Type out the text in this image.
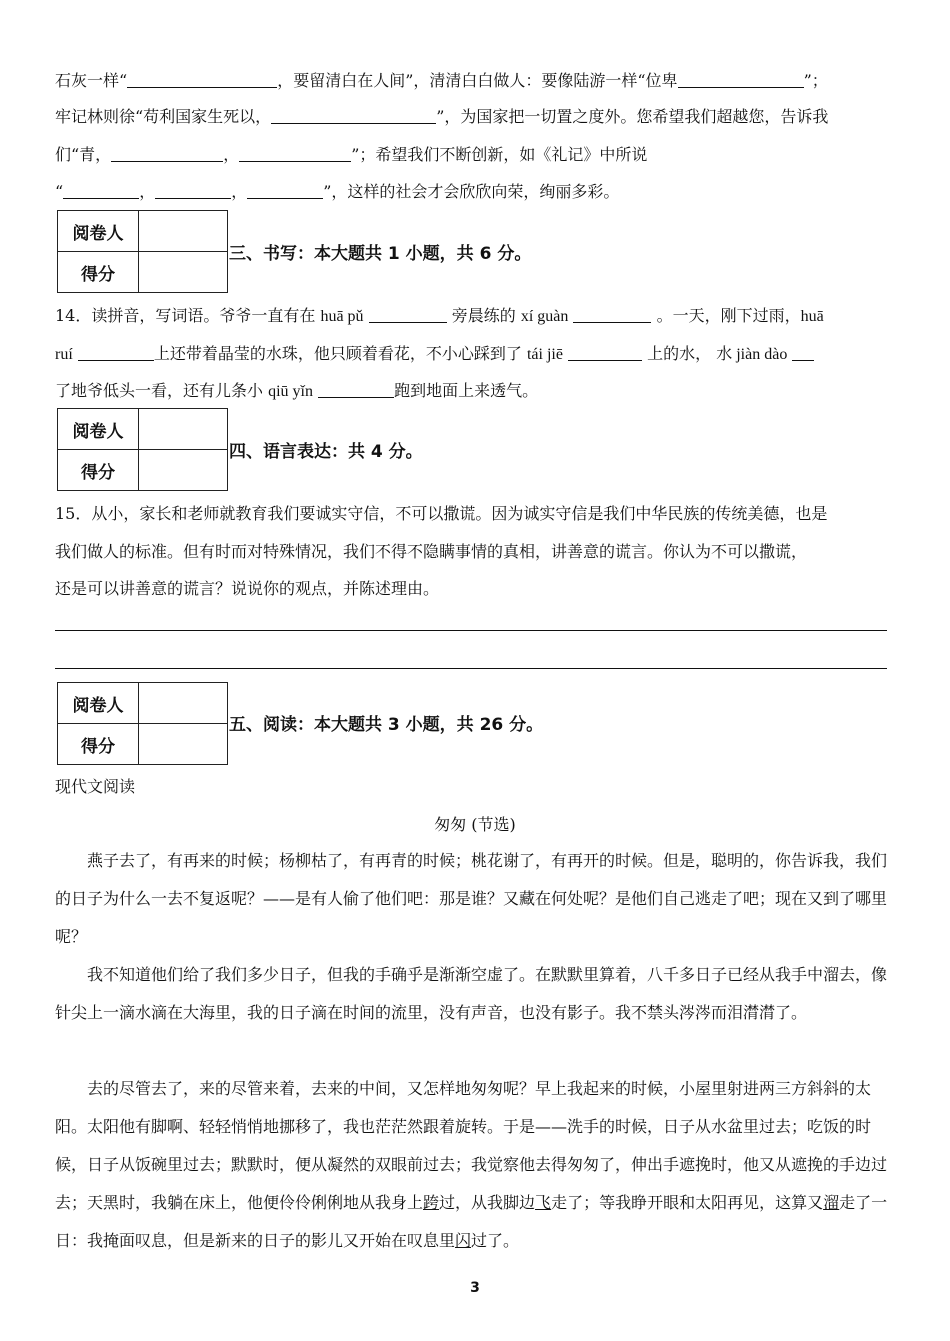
石灰一样“	，要留清白在人间”，清清白白做人：要像陆游一样“位卑	”；
牢记林则徐“苟利国家生死以，	”，为国家把一切置之度外。您希望我们超越您，告诉我
们“青，	，	”；希望我们不断创新，如《礼记》中所说
“	，	，	”，这样的社会才会欣欣向荣，绚丽多彩。
阅卷人	
得分	
三、书写：本大题共 1 小题，共 6 分。
14．读拼音，写词语。爷爷一直有在 huā pǔ	旁晨练的 xí guàn	。一天，刚下过雨，huā
ruí	上还带着晶莹的水珠，他只顾着看花，不小心踩到了 tái jiē	上的水， 水 jiàn dào
了地爷低头一看，还有儿条小 qiū yǐn	跑到地面上来透气。
阅卷人	
得分	
四、语言表达：共 4 分。
15．从小，家长和老师就教育我们要诚实守信，不可以撒谎。因为诚实守信是我们中华民族的传统美德，也是
我们做人的标准。但有时而对特殊情况，我们不得不隐瞒事情的真相，讲善意的谎言。你认为不可以撒谎，
还是可以讲善意的谎言？说说你的观点，并陈述理由。
阅卷人	
得分	
五、阅读：本大题共 3 小题，共 26 分。
现代文阅读
匆匆 (节选)
燕子去了，有再来的时候；杨柳枯了，有再青的时候；桃花谢了，有再开的时候。但是，聪明的，你告诉我，我们的日子为什么一去不复返呢？——是有人偷了他们吧：那是谁？又藏在何处呢？是他们自己逃走了吧；现在又到了哪里呢？
我不知道他们给了我们多少日子，但我的手确乎是渐渐空虚了。在默默里算着，八千多日子已经从我手中溜去，像针尖上一滴水滴在大海里，我的日子滴在时间的流里，没有声音，也没有影子。我不禁头涔涔而泪潸潸了。
去的尽管去了，来的尽管来着，去来的中间，又怎样地匆匆呢？早上我起来的时候，小屋里射进两三方斜斜的太阳。太阳他有脚啊、轻轻悄悄地挪移了，我也茫茫然跟着旋转。于是——洗手的时候，日子从水盆里过去；吃饭的时候，日子从饭碗里过去；默默时，便从凝然的双眼前过去；我觉察他去得匆匆了，伸出手遮挽时，他又从遮挽的手边过去；天黑时，我躺在床上，他便伶伶俐俐地从我身上跨过，从我脚边飞走了；等我睁开眼和太阳再见，这算又溜走了一日：我掩面叹息，但是新来的日子的影儿又开始在叹息里闪过了。
3
